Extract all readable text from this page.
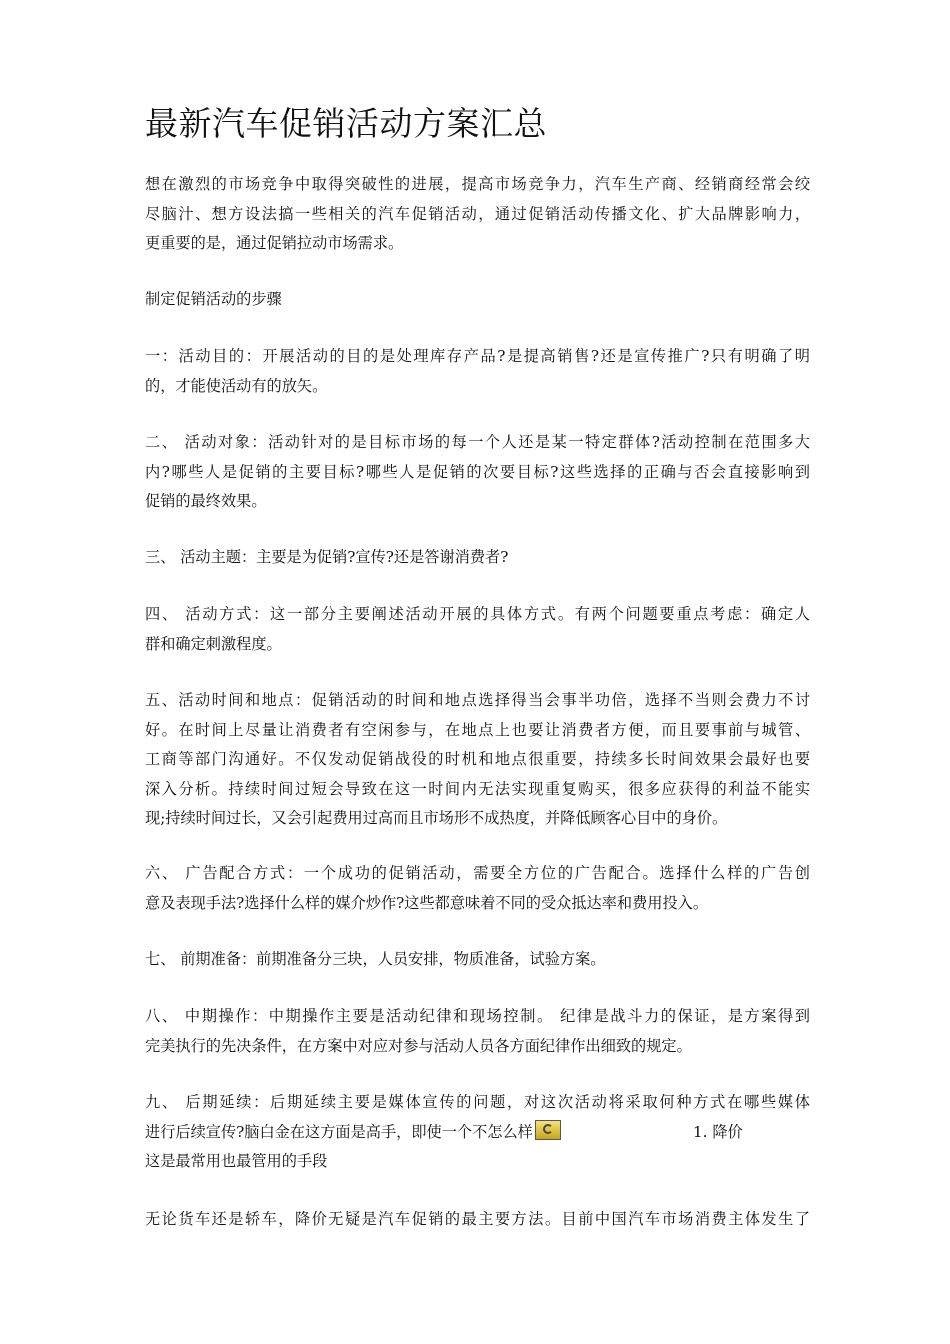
最新汽车促销活动方案汇总
想在激烈的市场竞争中取得突破性的进展，提高市场竞争力，汽车生产商、经销商经常会绞
尽脑汁、想方设法搞一些相关的汽车促销活动，通过促销活动传播文化、扩大品牌影响力，
更重要的是，通过促销拉动市场需求。
制定促销活动的步骤
一：活动目的：开展活动的目的是处理库存产品?是提高销售?还是宣传推广?只有明确了明
的，才能使活动有的放矢。
二、 活动对象：活动针对的是目标市场的每一个人还是某一特定群体?活动控制在范围多大
内?哪些人是促销的主要目标?哪些人是促销的次要目标?这些选择的正确与否会直接影响到
促销的最终效果。
三、 活动主题：主要是为促销?宣传?还是答谢消费者?
四、 活动方式：这一部分主要阐述活动开展的具体方式。有两个问题要重点考虑：确定人
群和确定刺激程度。
五、活动时间和地点：促销活动的时间和地点选择得当会事半功倍，选择不当则会费力不讨
好。在时间上尽量让消费者有空闲参与，在地点上也要让消费者方便，而且要事前与城管、
工商等部门沟通好。不仅发动促销战役的时机和地点很重要，持续多长时间效果会最好也要
深入分析。持续时间过短会导致在这一时间内无法实现重复购买，很多应获得的利益不能实
现;持续时间过长，又会引起费用过高而且市场形不成热度，并降低顾客心目中的身价。
六、 广告配合方式：一个成功的促销活动，需要全方位的广告配合。选择什么样的广告创
意及表现手法?选择什么样的媒介炒作?这些都意味着不同的受众抵达率和费用投入。
七、 前期准备：前期准备分三块，人员安排，物质准备，试验方案。
八、 中期操作：中期操作主要是活动纪律和现场控制。 纪律是战斗力的保证，是方案得到
完美执行的先决条件，在方案中对应对参与活动人员各方面纪律作出细致的规定。
九、 后期延续：后期延续主要是媒体宣传的问题，对这次活动将采取何种方式在哪些媒体
进行后续宣传?脑白金在这方面是高手，即使一个不怎么样	1. 降价
这是最常用也最管用的手段
无论货车还是轿车，降价无疑是汽车促销的最主要方法。目前中国汽车市场消费主体发生了
